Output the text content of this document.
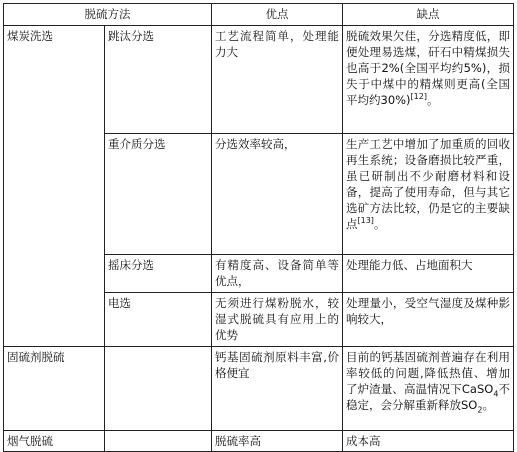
脱硫方法		优点	缺点
煤炭洗选	跳汰分选	工艺流程简单，处理能力大	脱硫效果欠佳，分选精度低，即便处理易选煤，矸石中精煤损失也高于2%(全国平均约5%)，损失于中煤中的精煤则更高(全国平均约30%)[12]。
	重介质分选	分选效率较高，	生产工艺中增加了加重质的回收再生系统；设备磨损比较严重，虽已研制出不少耐磨材料和设备，提高了使用寿命，但与其它选矿方法比较，仍是它的主要缺点[13]。
	摇床分选	有精度高、设备简单等优点，	处理能力低、占地面积大
	电选	无须进行煤粉脱水，较湿式脱硫具有应用上的优势	处理量小，受空气湿度及煤种影响较大，
固硫剂脱硫		钙基固硫剂原料丰富,价格便宜	目前的钙基固硫剂普遍存在利用率较低的问题,降低热值、增加了炉渣量、高温情况下CaSO$_4$不稳定，会分解重新释放$SO_2$。
烟气脱硫		脱硫率高	成本高
